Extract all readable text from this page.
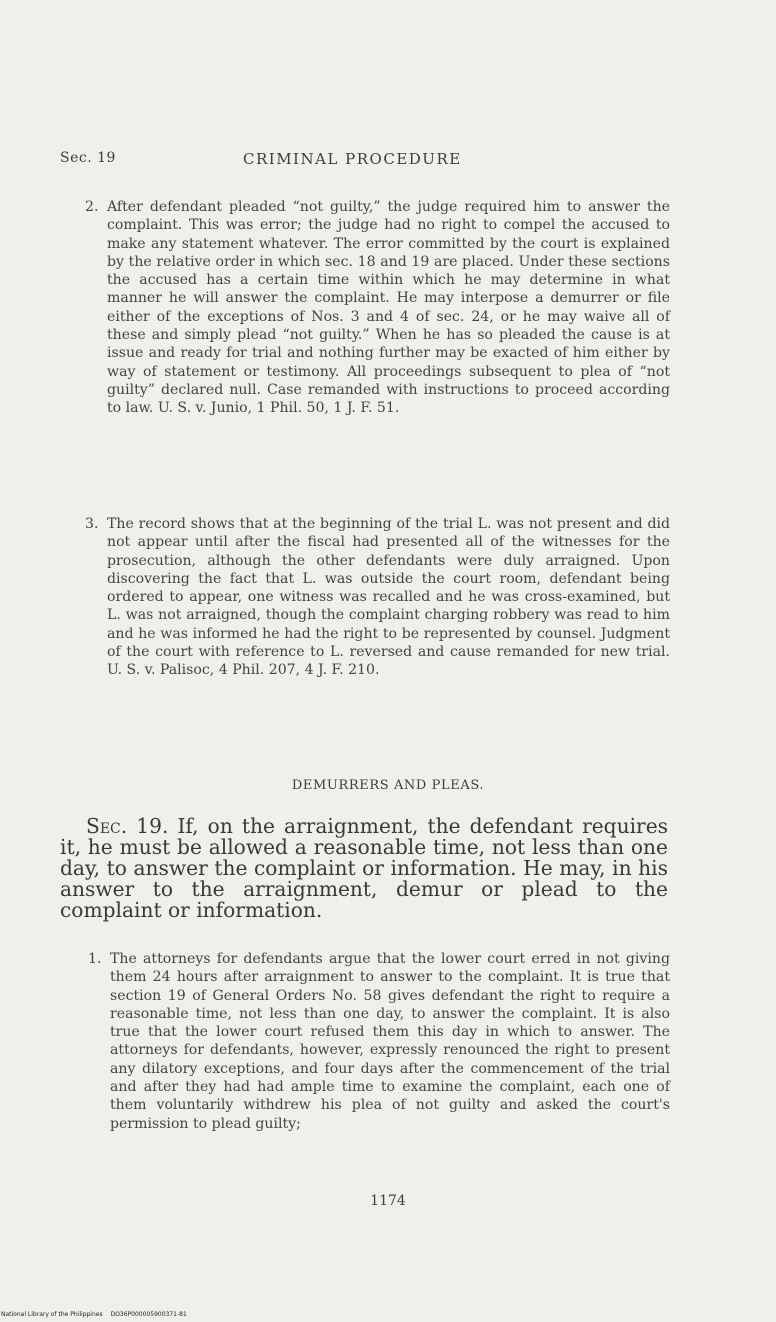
Sec. 19	CRIMINAL PROCEDURE

2. After defendant pleaded “not guilty,” the judge required him to answer the complaint. This was error; the judge had no right to compel the accused to make any statement whatever. The error committed by the court is explained by the relative order in which sec. 18 and 19 are placed. Under these sections the accused has a certain time within which he may determine in what manner he will answer the complaint. He may interpose a demurrer or file either of the exceptions of Nos. 3 and 4 of sec. 24, or he may waive all of these and simply plead “not guilty.” When he has so pleaded the cause is at issue and ready for trial and nothing further may be exacted of him either by way of statement or testimony. All proceedings subsequent to plea of “not guilty” declared null. Case remanded with instructions to proceed according to law. U. S. v. Junio, 1 Phil. 50, 1 J. F. 51.

3. The record shows that at the beginning of the trial L. was not present and did not appear until after the fiscal had presented all of the witnesses for the prosecution, although the other defendants were duly arraigned. Upon discovering the fact that L. was outside the court room, defendant being ordered to appear, one witness was recalled and he was cross-examined, but L. was not arraigned, though the complaint charging robbery was read to him and he was informed he had the right to be represented by counsel. Judgment of the court with reference to L. reversed and cause remanded for new trial. U. S. v. Palisoc, 4 Phil. 207, 4 J. F. 210.

DEMURRERS AND PLEAS.

Sec. 19. If, on the arraignment, the defendant requires it, he must be allowed a reasonable time, not less than one day, to answer the complaint or information. He may, in his answer to the arraignment, demur or plead to the complaint or information.

1. The attorneys for defendants argue that the lower court erred in not giving them 24 hours after arraignment to answer to the complaint. It is true that section 19 of General Orders No. 58 gives defendant the right to require a reasonable time, not less than one day, to answer the complaint. It is also true that the lower court refused them this day in which to answer. The attorneys for defendants, however, expressly renounced the right to present any dilatory exceptions, and four days after the commencement of the trial and after they had had ample time to examine the complaint, each one of them voluntarily withdrew his plea of not guilty and asked the court's permission to plead guilty;

1174
National Library of the Philippines DO36P000005900371-81
